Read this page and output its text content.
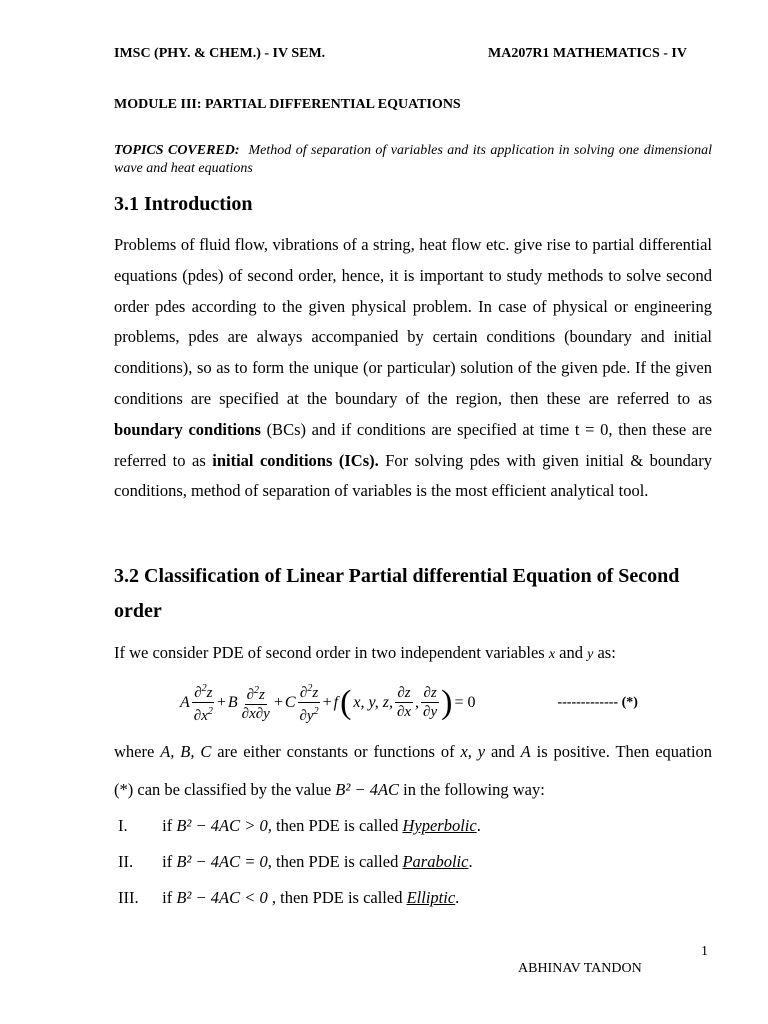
IMSC (PHY. & CHEM.) - IV SEM.	MA207R1 MATHEMATICS - IV
MODULE III: PARTIAL DIFFERENTIAL EQUATIONS
TOPICS COVERED: Method of separation of variables and its application in solving one dimensional wave and heat equations
3.1 Introduction

Problems of fluid flow, vibrations of a string, heat flow etc. give rise to partial differential equations (pdes) of second order, hence, it is important to study methods to solve second order pdes according to the given physical problem. In case of physical or engineering problems, pdes are always accompanied by certain conditions (boundary and initial conditions), so as to form the unique (or particular) solution of the given pde. If the given conditions are specified at the boundary of the region, then these are referred to as boundary conditions (BCs) and if conditions are specified at time t = 0, then these are referred to as initial conditions (ICs). For solving pdes with given initial & boundary conditions, method of separation of variables is the most efficient analytical tool.

3.2 Classification of Linear Partial differential Equation of Second
order
If we consider PDE of second order in two independent variables x and y as:
A $\frac{\partial^2z}{\partial x^2} + B \frac{\partial^2z}{\partial x\partial y} + C \frac{\partial^2z}{\partial y^2} + f$ ( x, y, z, $\frac{\partial z}{\partial x}$ , $\frac{\partial z}{\partial y}$ ) = 0	------------- (*)
where A, B, C are either constants or functions of x, y and A is positive. Then equation
(*) can be classified by the value B² − 4AC in the following way:
I. if B² − 4AC > 0, then PDE is called Hyperbolic.
II. if B² − 4AC = 0, then PDE is called Parabolic.
III. if B² − 4AC < 0 , then PDE is called Elliptic.
1
ABHINAV TANDON
